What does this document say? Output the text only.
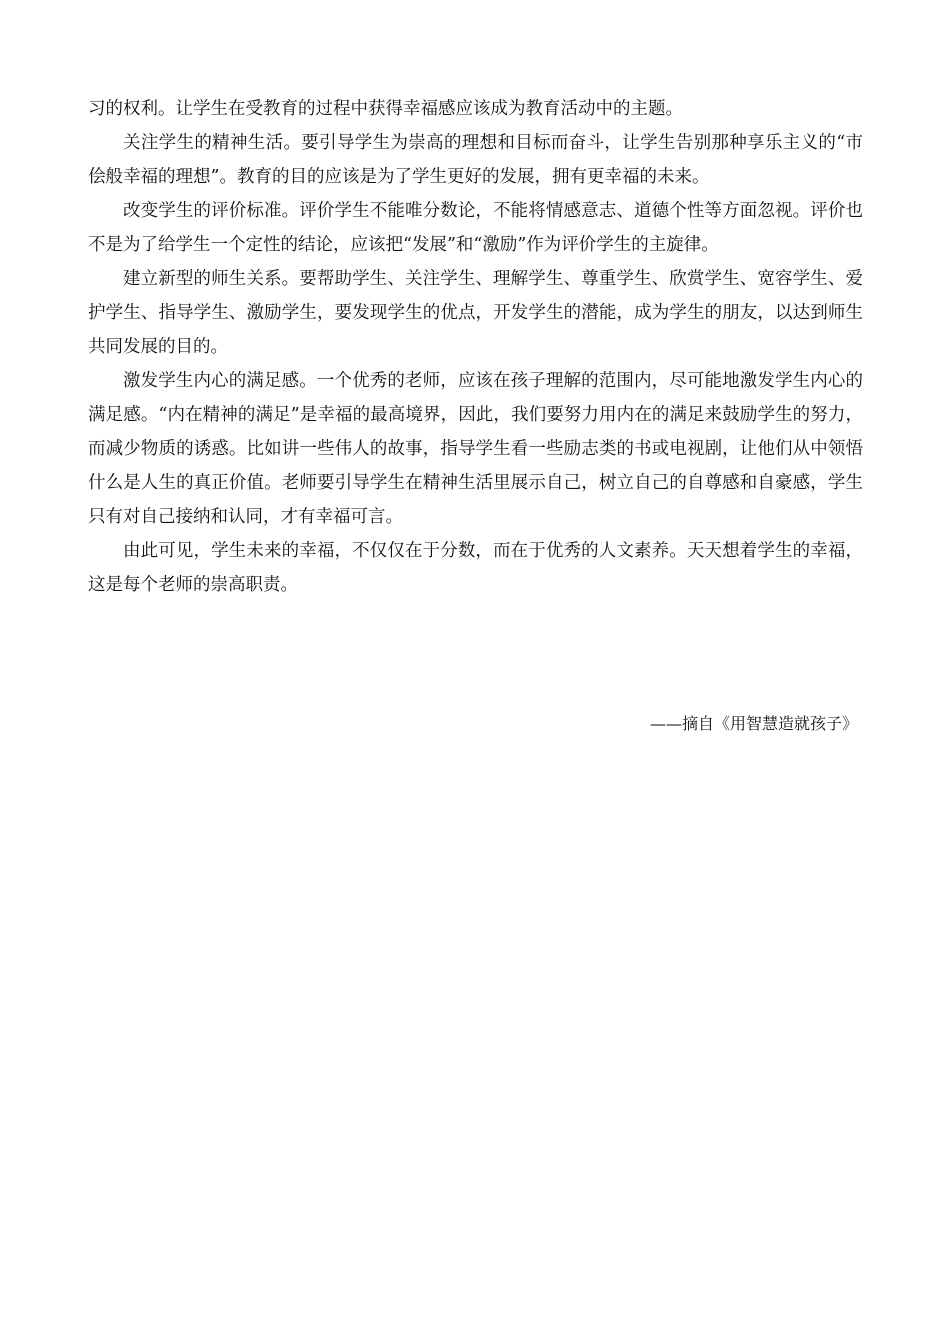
习的权利。让学生在受教育的过程中获得幸福感应该成为教育活动中的主题。

关注学生的精神生活。要引导学生为崇高的理想和目标而奋斗，让学生告别那种享乐主义的“市侩般幸福的理想”。教育的目的应该是为了学生更好的发展，拥有更幸福的未来。

改变学生的评价标准。评价学生不能唯分数论，不能将情感意志、道德个性等方面忽视。评价也不是为了给学生一个定性的结论，应该把“发展”和“激励”作为评价学生的主旋律。

建立新型的师生关系。要帮助学生、关注学生、理解学生、尊重学生、欣赏学生、宽容学生、爱护学生、指导学生、激励学生，要发现学生的优点，开发学生的潜能，成为学生的朋友，以达到师生共同发展的目的。

激发学生内心的满足感。一个优秀的老师，应该在孩子理解的范围内，尽可能地激发学生内心的满足感。“内在精神的满足”是幸福的最高境界，因此，我们要努力用内在的满足来鼓励学生的努力，而减少物质的诱惑。比如讲一些伟人的故事，指导学生看一些励志类的书或电视剧，让他们从中领悟什么是人生的真正价值。老师要引导学生在精神生活里展示自己，树立自己的自尊感和自豪感，学生只有对自己接纳和认同，才有幸福可言。

由此可见，学生未来的幸福，不仅仅在于分数，而在于优秀的人文素养。天天想着学生的幸福，这是每个老师的崇高职责。

——摘自《用智慧造就孩子》
